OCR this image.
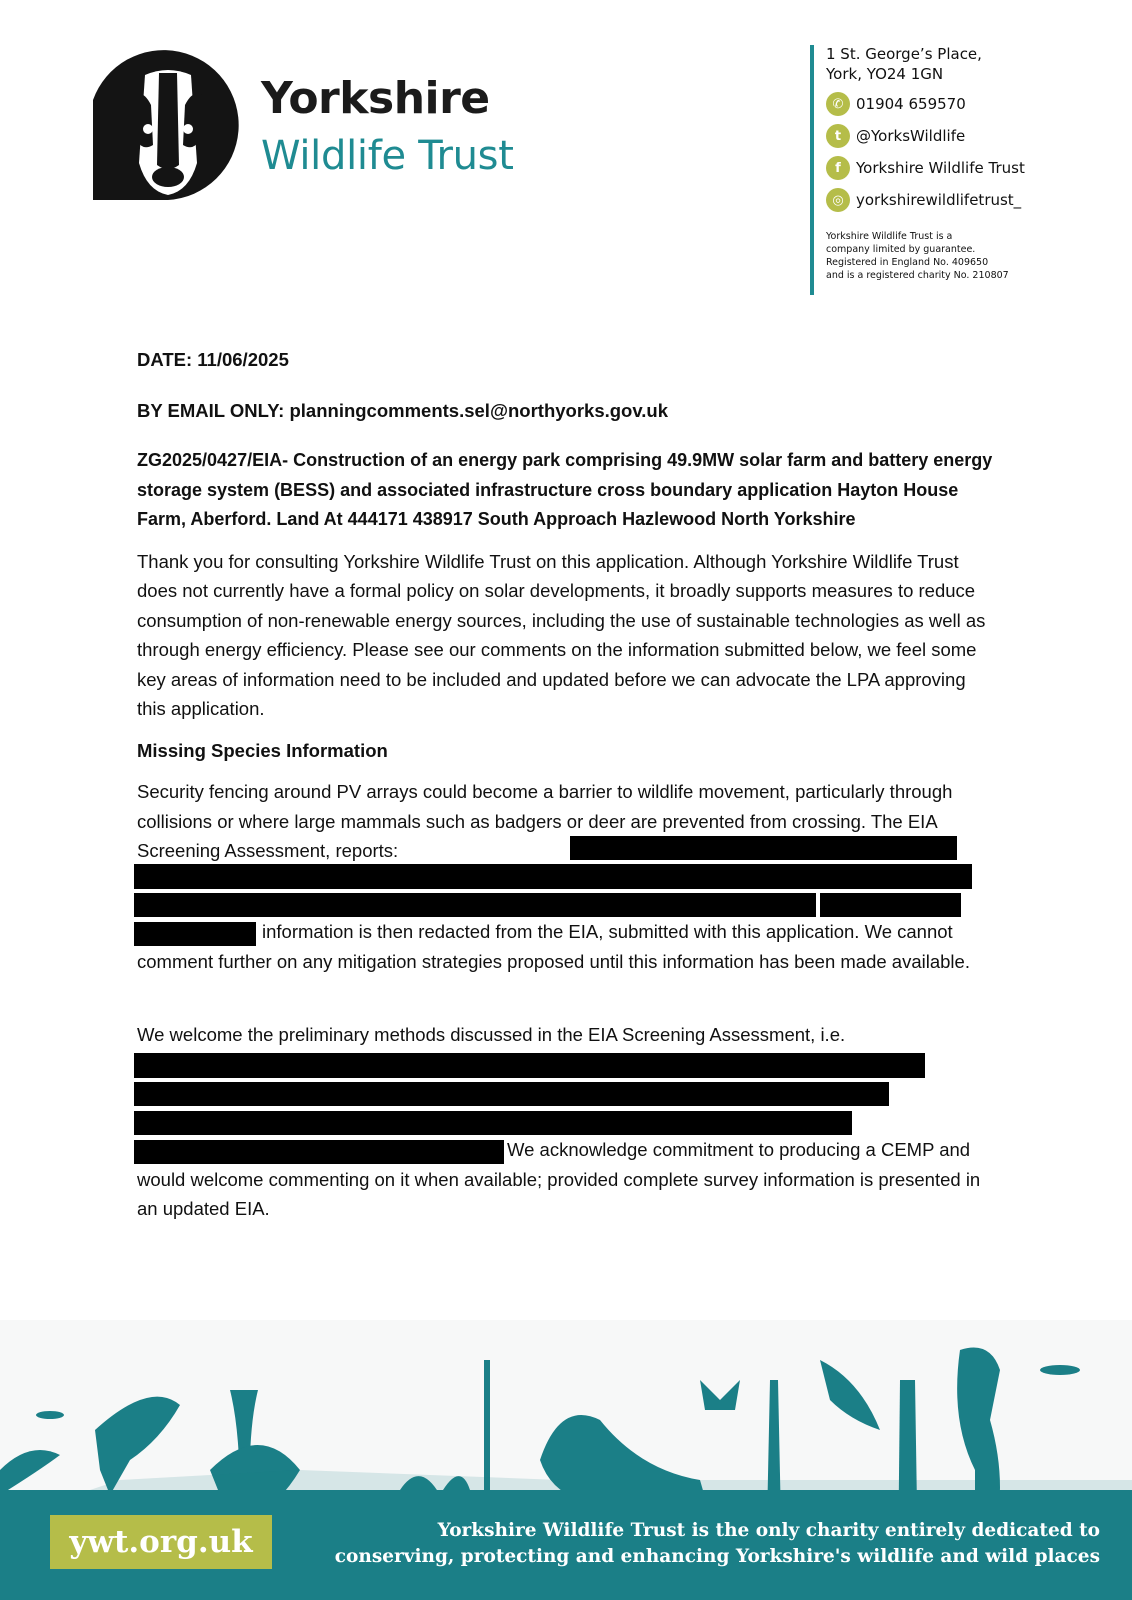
Yorkshire
Wildlife Trust
1 St. George’s Place,
York, YO24 1GN
✆ 01904 659570
t @YorksWildlife
f	Yorkshire Wildlife Trust
◎ yorkshirewildlifetrust_
Yorkshire Wildlife Trust is a
company limited by guarantee.
Registered in England No. 409650
and is a registered charity No. 210807
DATE: 11/06/2025
BY EMAIL ONLY: planningcomments.sel@northyorks.gov.uk
ZG2025/0427/EIA- Construction of an energy park comprising 49.9MW solar farm and battery energy storage system (BESS) and associated infrastructure cross boundary application Hayton House Farm, Aberford. Land At 444171 438917 South Approach Hazlewood North Yorkshire
Thank you for consulting Yorkshire Wildlife Trust on this application. Although Yorkshire Wildlife Trust does not currently have a formal policy on solar developments, it broadly supports measures to reduce consumption of non-renewable energy sources, including the use of sustainable technologies as well as through energy efficiency. Please see our comments on the information submitted below, we feel some key areas of information need to be included and updated before we can advocate the LPA approving this application.
Missing Species Information
Security fencing around PV arrays could become a barrier to wildlife movement, particularly through collisions or where large mammals such as badgers or deer are prevented from crossing. The EIA Screening Assessment, reports:
information is then redacted from the EIA, submitted with this application. We cannot comment further on any mitigation strategies proposed until this information has been made available.
We welcome the preliminary methods discussed in the EIA Screening Assessment, i.e.
We acknowledge commitment to producing a CEMP and would welcome commenting on it when available; provided complete survey information is presented in an updated EIA.
ywt.org.uk	Yorkshire Wildlife Trust is the only charity entirely dedicated to
conserving, protecting and enhancing Yorkshire's wildlife and wild places
